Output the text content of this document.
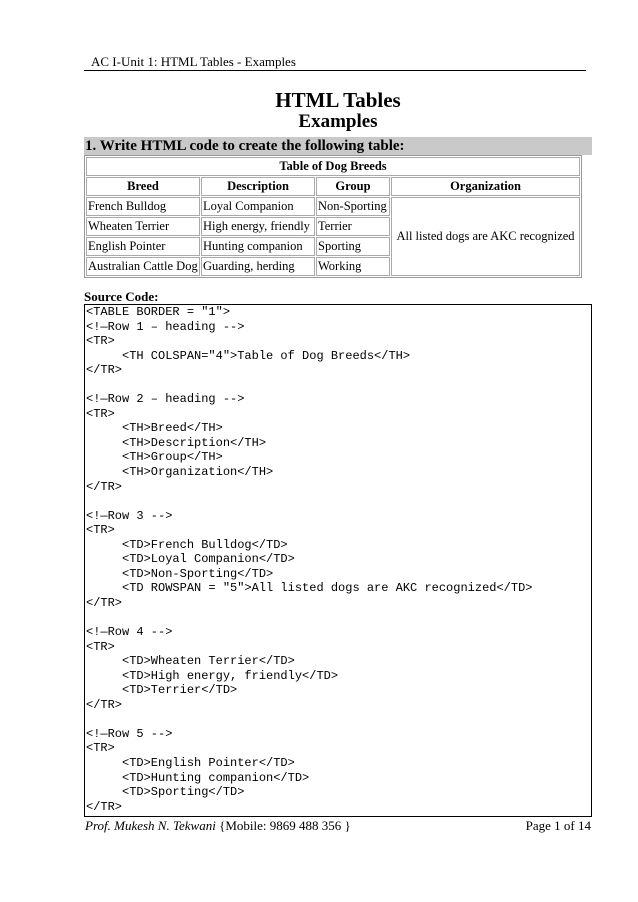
AC I-Unit 1: HTML Tables - Examples
HTML Tables
Examples
1. Write HTML code to create the following table:
Table of Dog Breeds			
Breed	Description	Group	Organization
French Bulldog	Loyal Companion	Non-Sporting	All listed dogs are AKC recognized
Wheaten Terrier	High energy, friendly	Terrier	
English Pointer	Hunting companion	Sporting	
Australian Cattle Dog	Guarding, herding	Working	
Source Code:
<TABLE BORDER = "1">
<!—Row 1 – heading -->
<TR>
<TH COLSPAN="4">Table of Dog Breeds</TH>
</TR>
<!—Row 2 – heading -->
<TR>
<TH>Breed</TH>
<TH>Description</TH>
<TH>Group</TH>
<TH>Organization</TH>
</TR>
<!—Row 3 -->
<TR>
<TD>French Bulldog</TD>
<TD>Loyal Companion</TD>
<TD>Non-Sporting</TD>
<TD ROWSPAN = "5">All listed dogs are AKC recognized</TD>
</TR>
<!—Row 4 -->
<TR>
<TD>Wheaten Terrier</TD>
<TD>High energy, friendly</TD>
<TD>Terrier</TD>
</TR>
<!—Row 5 -->
<TR>
<TD>English Pointer</TD>
<TD>Hunting companion</TD>
<TD>Sporting</TD>
</TR>
Prof. Mukesh N. Tekwani {Mobile: 9869 488 356 }	Page 1 of 14
